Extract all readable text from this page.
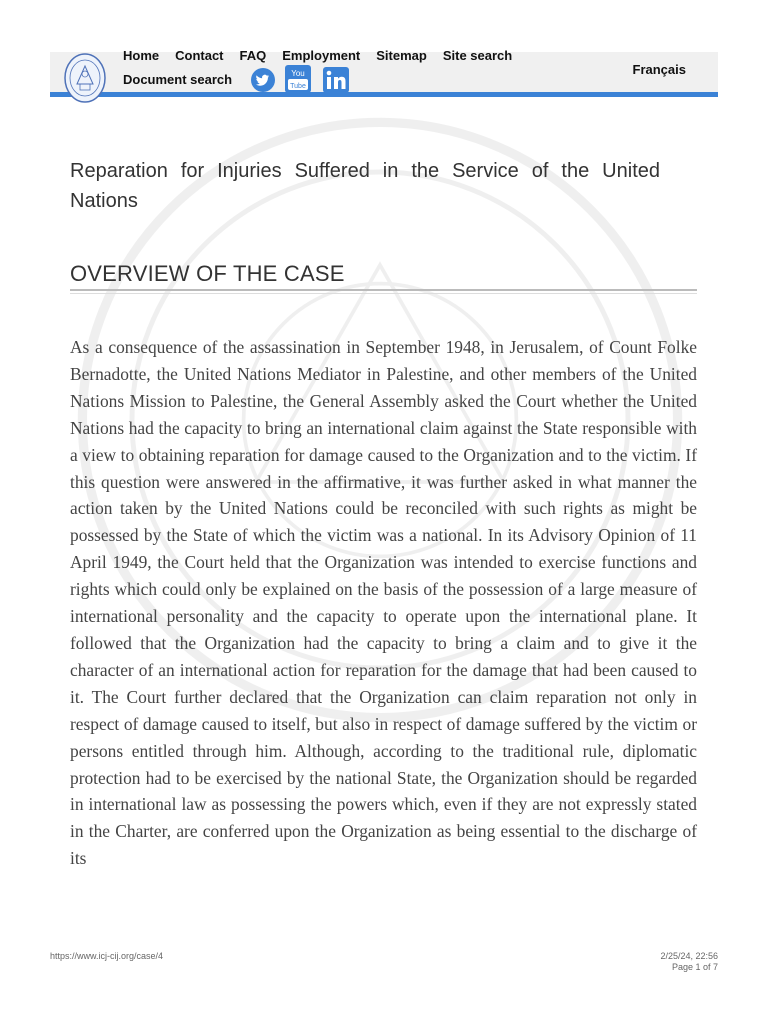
Home Contact FAQ Employment Sitemap Site search
Document search	You
Tube
Français
Reparation for Injuries Suffered in the Service of the United Nations
OVERVIEW OF THE CASE

As a consequence of the assassination in September 1948, in Jerusalem, of Count Folke Bernadotte, the United Nations Mediator in Palestine, and other members of the United Nations Mission to Palestine, the General Assembly asked the Court whether the United Nations had the capacity to bring an international claim against the State responsible with a view to obtaining reparation for damage caused to the Organization and to the victim. If this question were answered in the affirmative, it was further asked in what manner the action taken by the United Nations could be reconciled with such rights as might be possessed by the State of which the victim was a national. In its Advisory Opinion of 11 April 1949, the Court held that the Organization was intended to exercise functions and rights which could only be explained on the basis of the possession of a large measure of international personality and the capacity to operate upon the international plane. It followed that the Organization had the capacity to bring a claim and to give it the character of an international action for reparation for the damage that had been caused to it. The Court further declared that the Organization can claim reparation not only in respect of damage caused to itself, but also in respect of damage suffered by the victim or persons entitled through him. Although, according to the traditional rule, diplomatic protection had to be exercised by the national State, the Organization should be regarded in international law as possessing the powers which, even if they are not expressly stated in the Charter, are conferred upon the Organization as being essential to the discharge of its

https://www.icj-cij.org/case/4	2/25/24, 22:56
Page 1 of 7
